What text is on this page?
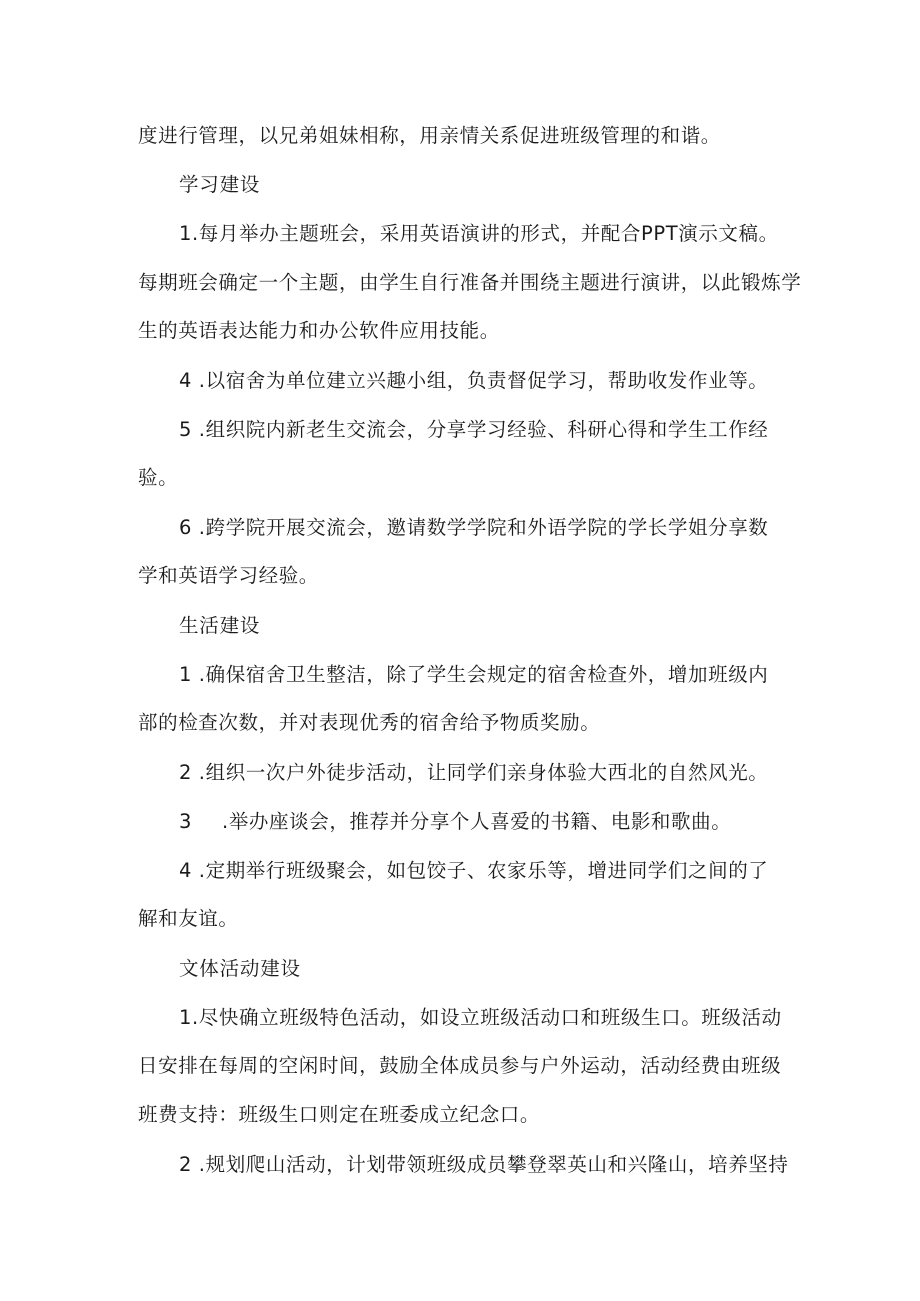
度进行管理，以兄弟姐妹相称，用亲情关系促进班级管理的和谐。
学习建设
1.每月举办主题班会，采用英语演讲的形式，并配合PPT演示文稿。
每期班会确定一个主题，由学生自行准备并围绕主题进行演讲，以此锻炼学
生的英语表达能力和办公软件应用技能。
4 .以宿舍为单位建立兴趣小组，负责督促学习，帮助收发作业等。
5 .组织院内新老生交流会，分享学习经验、科研心得和学生工作经
验。
6 .跨学院开展交流会，邀请数学学院和外语学院的学长学姐分享数
学和英语学习经验。
生活建设
1 .确保宿舍卫生整洁，除了学生会规定的宿舍检查外，增加班级内
部的检查次数，并对表现优秀的宿舍给予物质奖励。
2 .组织一次户外徒步活动，让同学们亲身体验大西北的自然风光。
3 .举办座谈会，推荐并分享个人喜爱的书籍、电影和歌曲。
4 .定期举行班级聚会，如包饺子、农家乐等，增进同学们之间的了
解和友谊。
文体活动建设
1.尽快确立班级特色活动，如设立班级活动口和班级生口。班级活动
日安排在每周的空闲时间，鼓励全体成员参与户外运动，活动经费由班级
班费支持：班级生口则定在班委成立纪念口。
2 .规划爬山活动，计划带领班级成员攀登翠英山和兴隆山，培养坚持
